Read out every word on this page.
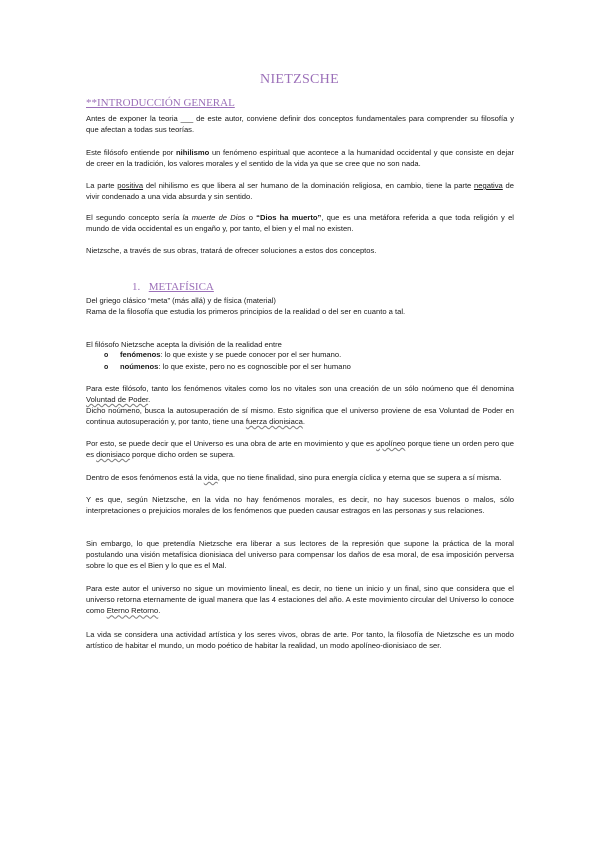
NIETZSCHE
**INTRODUCCIÓN GENERAL
Antes de exponer la teoria ___ de este autor, conviene definir dos conceptos fundamentales para comprender su filosofía y que afectan a todas sus teorías.
Este filósofo entiende por nihilismo un fenómeno espiritual que acontece a la humanidad occidental y que consiste en dejar de creer en la tradición, los valores morales y el sentido de la vida ya que se cree que no son nada.
La parte positiva del nihilismo es que libera al ser humano de la dominación religiosa, en cambio, tiene la parte negativa de vivir condenado a una vida absurda y sin sentido.
El segundo concepto sería la muerte de Dios o “Dios ha muerto”, que es una metáfora referida a que toda religión y el mundo de vida occidental es un engaño y, por tanto, el bien y el mal no existen.
Nietzsche, a través de sus obras, tratará de ofrecer soluciones a estos dos conceptos.
1. METAFÍSICA
Del griego clásico “meta” (más allá) y de física (material)
Rama de la filosofía que estudia los primeros principios de la realidad o del ser en cuanto a tal.
El filósofo Nietzsche acepta la división de la realidad entre
o	fenómenos: lo que existe y se puede conocer por el ser humano.
o	noúmenos: lo que existe, pero no es cognoscible por el ser humano
Para este filósofo, tanto los fenómenos vitales como los no vitales son una creación de un sólo noúmeno que él denomina Voluntad de Poder.
Dicho noúmeno, busca la autosuperación de sí mismo. Esto significa que el universo proviene de esa Voluntad de Poder en continua autosuperación y, por tanto, tiene una fuerza dionisiaca.
Por esto, se puede decir que el Universo es una obra de arte en movimiento y que es apolíneo porque tiene un orden pero que es dionisiaco porque dicho orden se supera.
Dentro de esos fenómenos está la vida, que no tiene finalidad, sino pura energía cíclica y eterna que se supera a sí misma.
Y es que, según Nietzsche, en la vida no hay fenómenos morales, es decir, no hay sucesos buenos o malos, sólo interpretaciones o prejuicios morales de los fenómenos que pueden causar estragos en las personas y sus relaciones.
Sin embargo, lo que pretendía Nietzsche era liberar a sus lectores de la represión que supone la práctica de la moral postulando una visión metafísica dionisiaca del universo para compensar los daños de esa moral, de esa imposición perversa sobre lo que es el Bien y lo que es el Mal.
Para este autor el universo no sigue un movimiento lineal, es decir, no tiene un inicio y un final, sino que considera que el universo retorna eternamente de igual manera que las 4 estaciones del año. A este movimiento circular del Universo lo conoce como Eterno Retorno.
La vida se considera una actividad artística y los seres vivos, obras de arte. Por tanto, la filosofía de Nietzsche es un modo artístico de habitar el mundo, un modo poético de habitar la realidad, un modo apolíneo-dionisiaco de ser.
